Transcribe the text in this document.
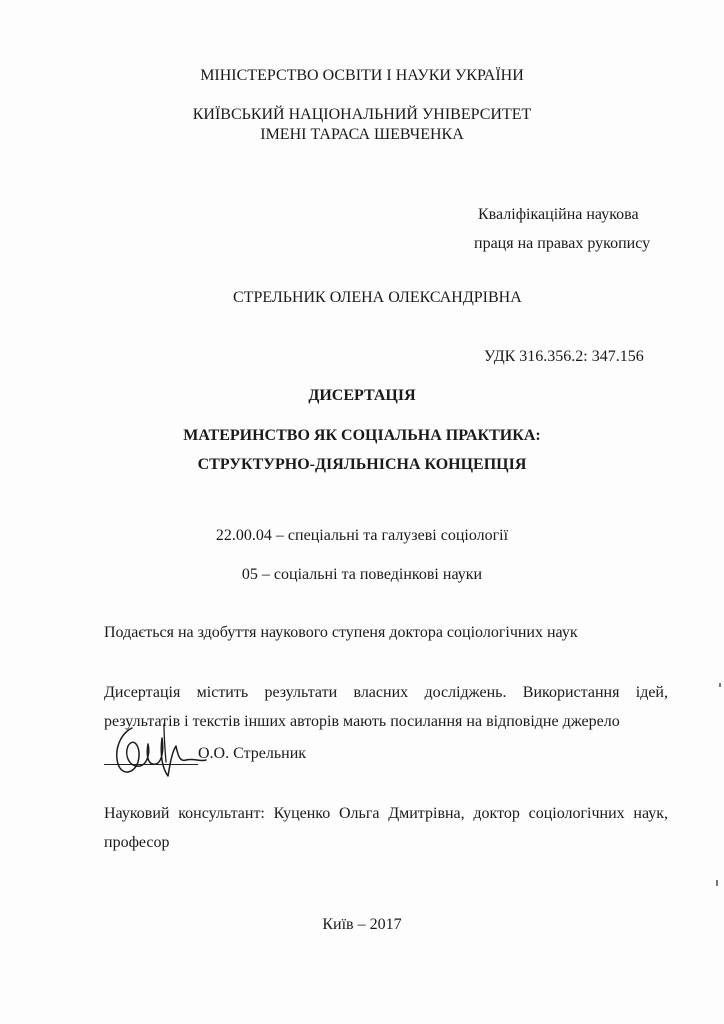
МІНІСТЕРСТВО ОСВІТИ І НАУКИ УКРАЇНИ
КИЇВСЬКИЙ НАЦІОНАЛЬНИЙ УНІВЕРСИТЕТ
ІМЕНІ ТАРАСА ШЕВЧЕНКА
Кваліфікаційна наукова
праця на правах рукопису
СТРЕЛЬНИК ОЛЕНА ОЛЕКСАНДРІВНА
УДК 316.356.2: 347.156
ДИСЕРТАЦІЯ
МАТЕРИНСТВО ЯК СОЦІАЛЬНА ПРАКТИКА:
СТРУКТУРНО-ДІЯЛЬНІСНА КОНЦЕПЦІЯ
22.00.04 – спеціальні та галузеві соціології
05 – соціальні та поведінкові науки
Подається на здобуття наукового ступеня доктора соціологічних наук
Дисертація містить результати власних досліджень. Використання ідей,
результатів і текстів інших авторів мають посилання на відповідне джерело
О.О. Стрельник
Науковий консультант: Куценко Ольга Дмитрівна, доктор соціологічних наук,
професор
Київ – 2017
